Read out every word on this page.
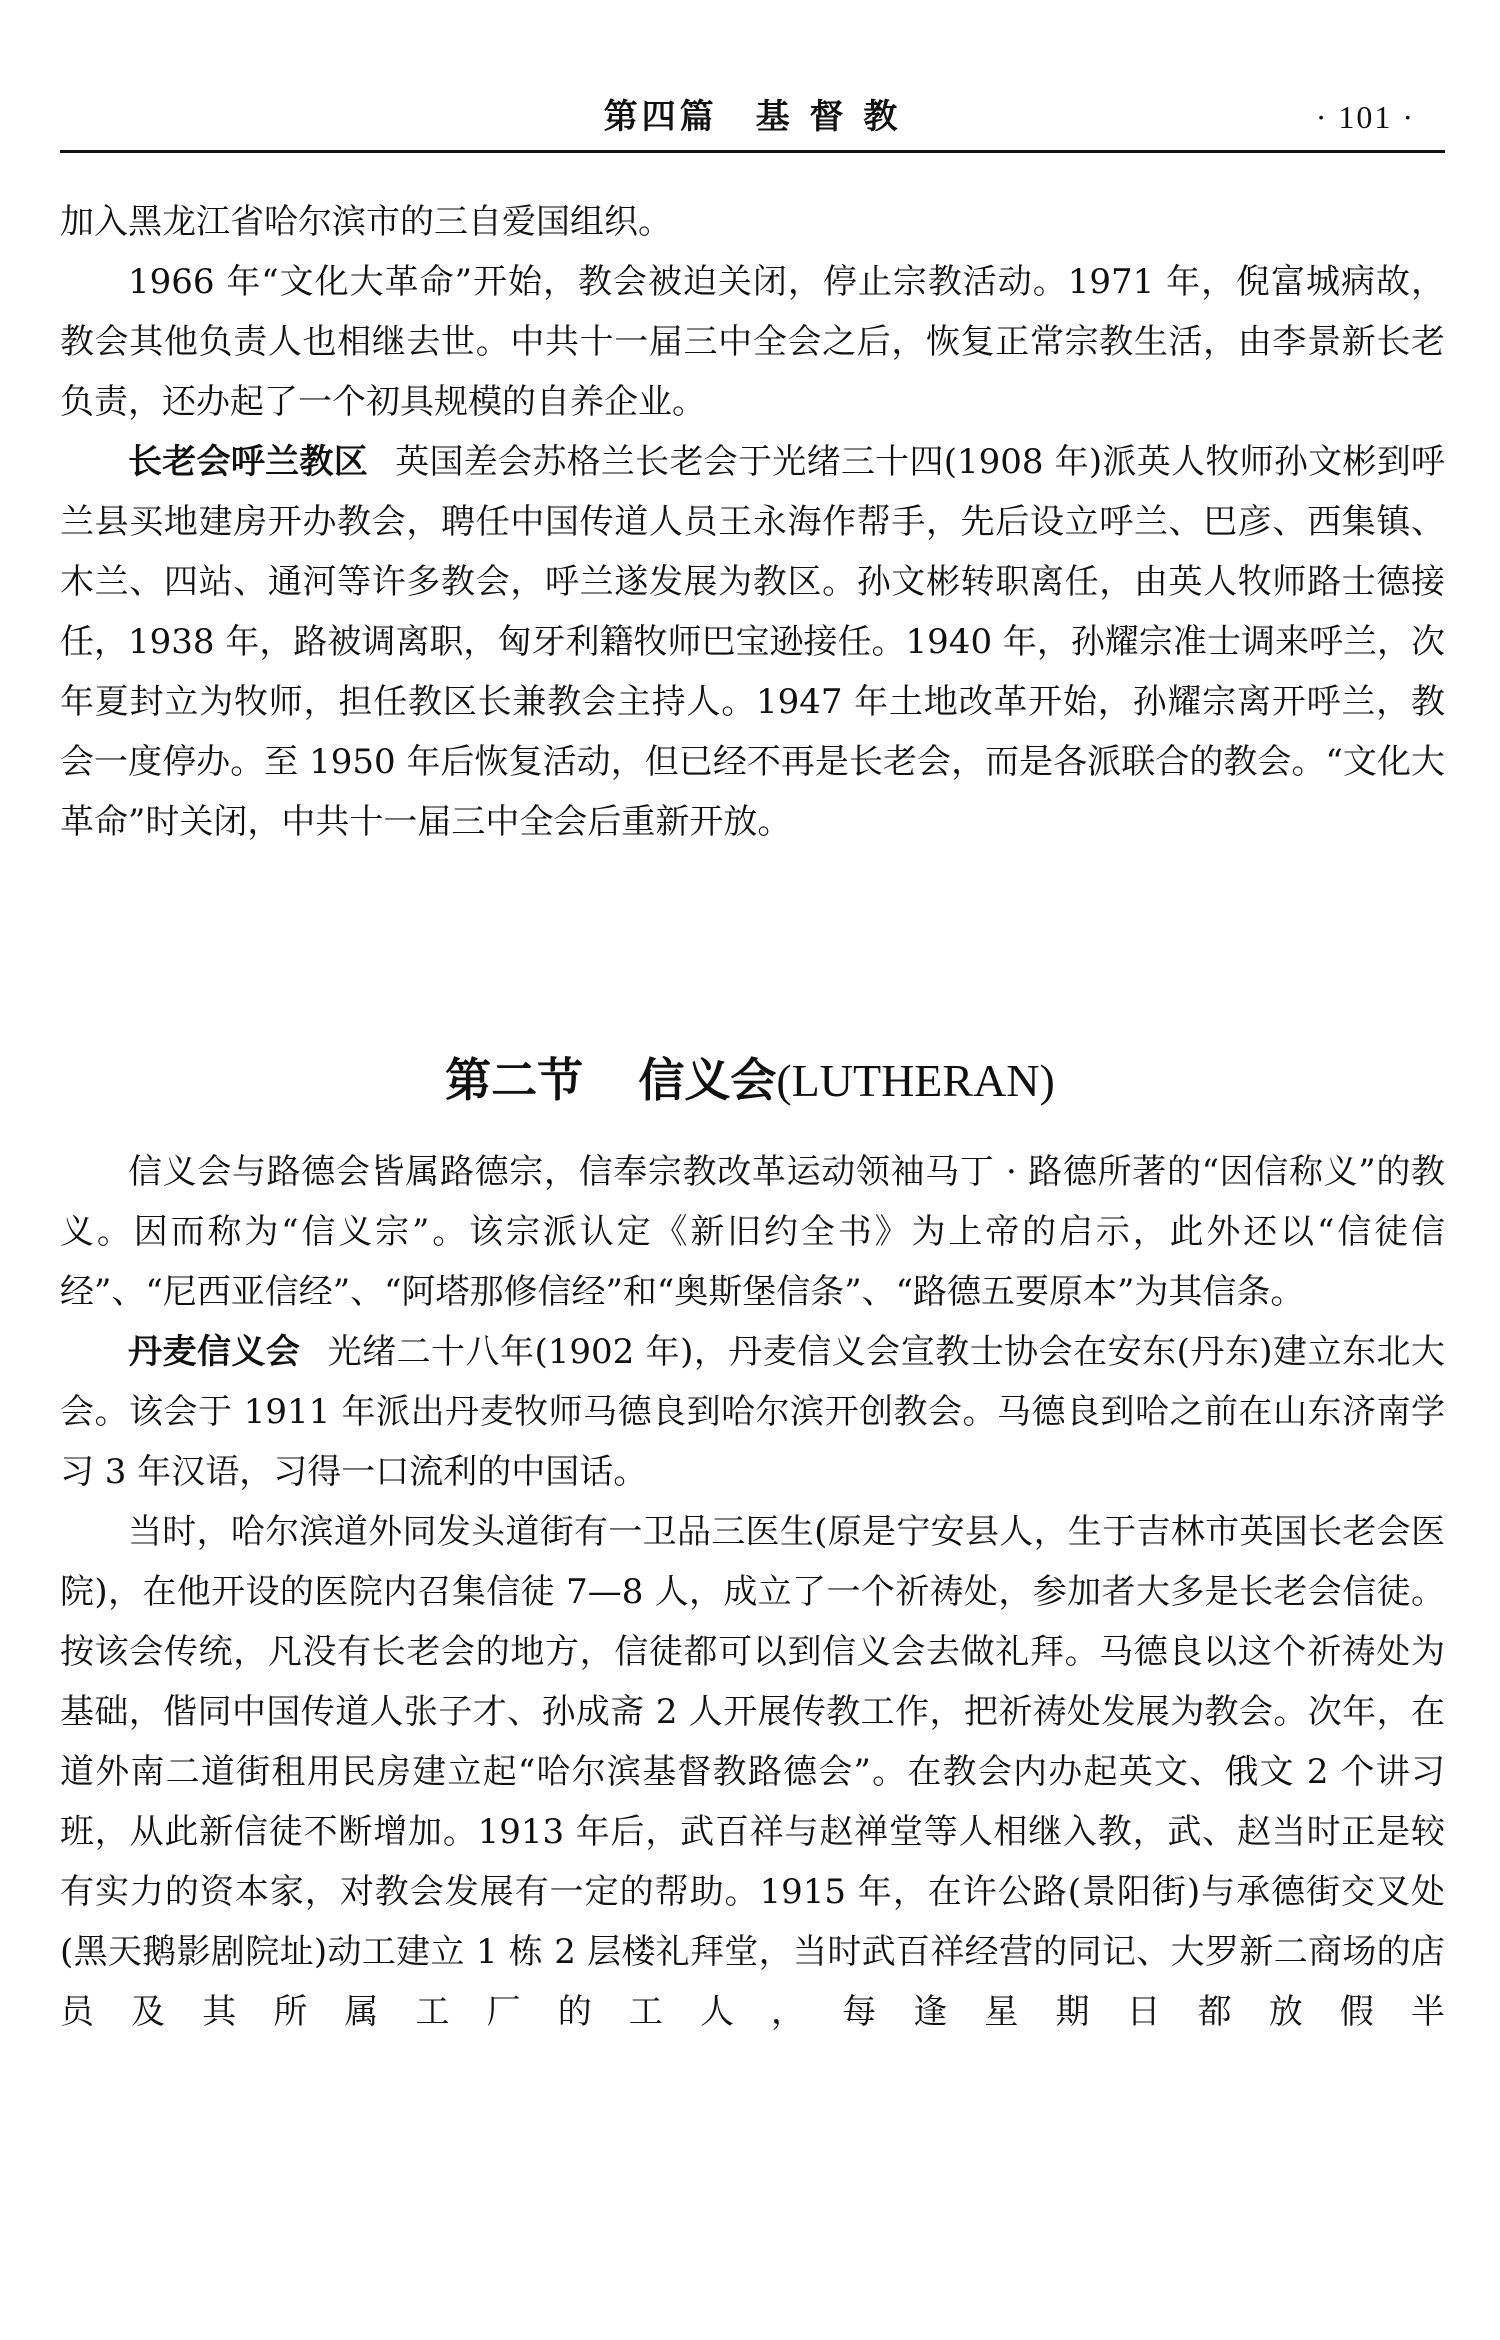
第四篇　基 督 教	· 101 ·

加入黑龙江省哈尔滨市的三自爱国组织。

1966 年“文化大革命”开始，教会被迫关闭，停止宗教活动。1971 年，倪富城病故，教会其他负责人也相继去世。中共十一届三中全会之后，恢复正常宗教生活，由李景新长老负责，还办起了一个初具规模的自养企业。

长老会呼兰教区 英国差会苏格兰长老会于光绪三十四(1908 年)派英人牧师孙文彬到呼兰县买地建房开办教会，聘任中国传道人员王永海作帮手，先后设立呼兰、巴彦、西集镇、木兰、四站、通河等许多教会，呼兰遂发展为教区。孙文彬转职离任，由英人牧师路士德接任，1938 年，路被调离职，匈牙利籍牧师巴宝逊接任。1940 年，孙耀宗准士调来呼兰，次年夏封立为牧师，担任教区长兼教会主持人。1947 年土地改革开始，孙耀宗离开呼兰，教会一度停办。至 1950 年后恢复活动，但已经不再是长老会，而是各派联合的教会。“文化大革命”时关闭，中共十一届三中全会后重新开放。

第二节 信义会(LUTHERAN)

信义会与路德会皆属路德宗，信奉宗教改革运动领袖马丁 · 路德所著的“因信称义”的教义。因而称为“信义宗”。该宗派认定《新旧约全书》为上帝的启示，此外还以“信徒信经”、“尼西亚信经”、“阿塔那修信经”和“奥斯堡信条”、“路德五要原本”为其信条。

丹麦信义会 光绪二十八年(1902 年)，丹麦信义会宣教士协会在安东(丹东)建立东北大会。该会于 1911 年派出丹麦牧师马德良到哈尔滨开创教会。马德良到哈之前在山东济南学习 3 年汉语，习得一口流利的中国话。

当时，哈尔滨道外同发头道街有一卫品三医生(原是宁安县人，生于吉林市英国长老会医院)，在他开设的医院内召集信徒 7—8 人，成立了一个祈祷处，参加者大多是长老会信徒。按该会传统，凡没有长老会的地方，信徒都可以到信义会去做礼拜。马德良以这个祈祷处为基础，偕同中国传道人张子才、孙成斋 2 人开展传教工作，把祈祷处发展为教会。次年，在道外南二道街租用民房建立起“哈尔滨基督教路德会”。在教会内办起英文、俄文 2 个讲习班，从此新信徒不断增加。1913 年后，武百祥与赵禅堂等人相继入教，武、赵当时正是较有实力的资本家，对教会发展有一定的帮助。1915 年，在许公路(景阳街)与承德街交叉处(黑天鹅影剧院址)动工建立 1 栋 2 层楼礼拜堂，当时武百祥经营的同记、大罗新二商场的店员及其所属工厂的工人，每逢星期日都放假半
